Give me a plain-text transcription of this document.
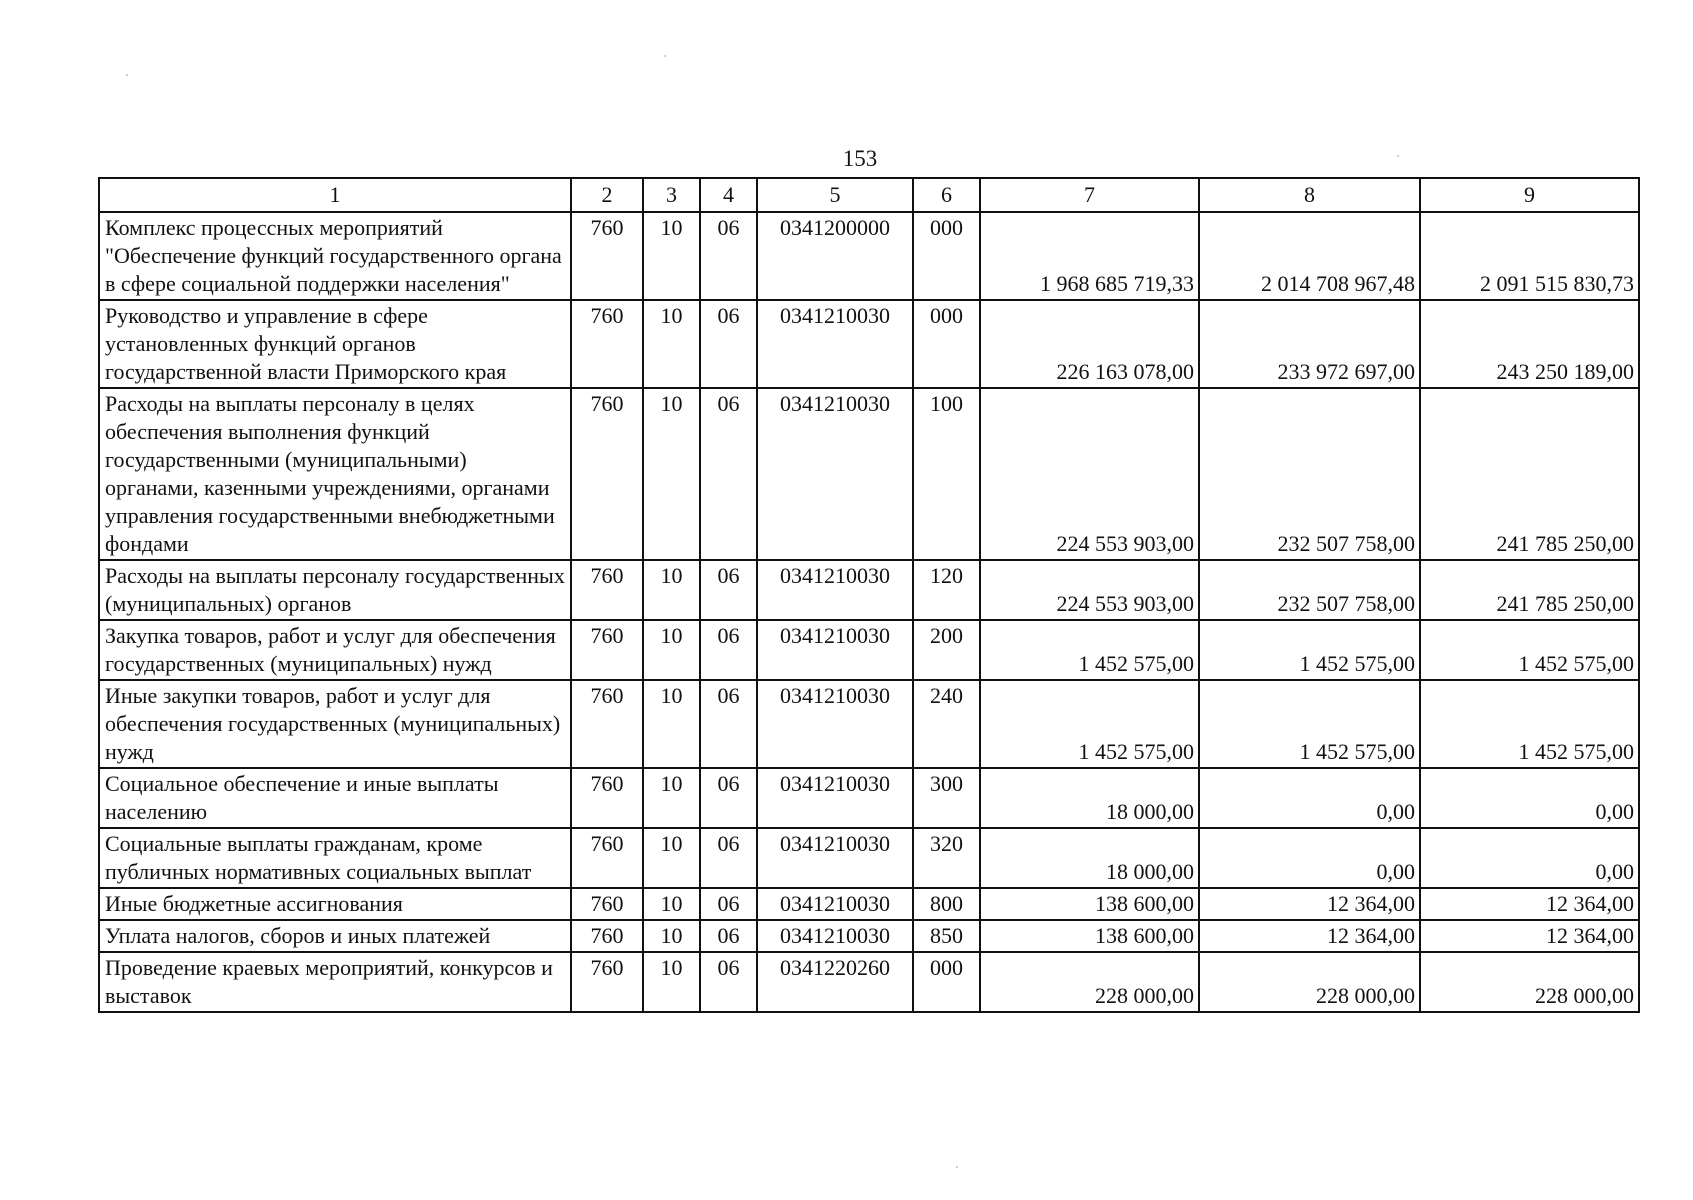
153
1	2	3	4	5	6	7	8	9
Комплекс процессных мероприятий "Обеспечение функций государственного органа в сфере социальной поддержки населения"	760	10	06	0341200000	000	1 968 685 719,33	2 014 708 967,48	2 091 515 830,73
Руководство и управление в сфере установленных функций органов государственной власти Приморского края	760	10	06	0341210030	000	226 163 078,00	233 972 697,00	243 250 189,00
Расходы на выплаты персоналу в целях обеспечения выполнения функций государственными (муниципальными) органами, казенными учреждениями, органами управления государственными внебюджетными фондами	760	10	06	0341210030	100	224 553 903,00	232 507 758,00	241 785 250,00
Расходы на выплаты персоналу государственных (муниципальных) органов	760	10	06	0341210030	120	224 553 903,00	232 507 758,00	241 785 250,00
Закупка товаров, работ и услуг для обеспечения государственных (муниципальных) нужд	760	10	06	0341210030	200	1 452 575,00	1 452 575,00	1 452 575,00
Иные закупки товаров, работ и услуг для обеспечения государственных (муниципальных) нужд	760	10	06	0341210030	240	1 452 575,00	1 452 575,00	1 452 575,00
Социальное обеспечение и иные выплаты населению	760	10	06	0341210030	300	18 000,00	0,00	0,00
Социальные выплаты гражданам, кроме публичных нормативных социальных выплат	760	10	06	0341210030	320	18 000,00	0,00	0,00
Иные бюджетные ассигнования	760	10	06	0341210030	800	138 600,00	12 364,00	12 364,00
Уплата налогов, сборов и иных платежей	760	10	06	0341210030	850	138 600,00	12 364,00	12 364,00
Проведение краевых мероприятий, конкурсов и выставок	760	10	06	0341220260	000	228 000,00	228 000,00	228 000,00
